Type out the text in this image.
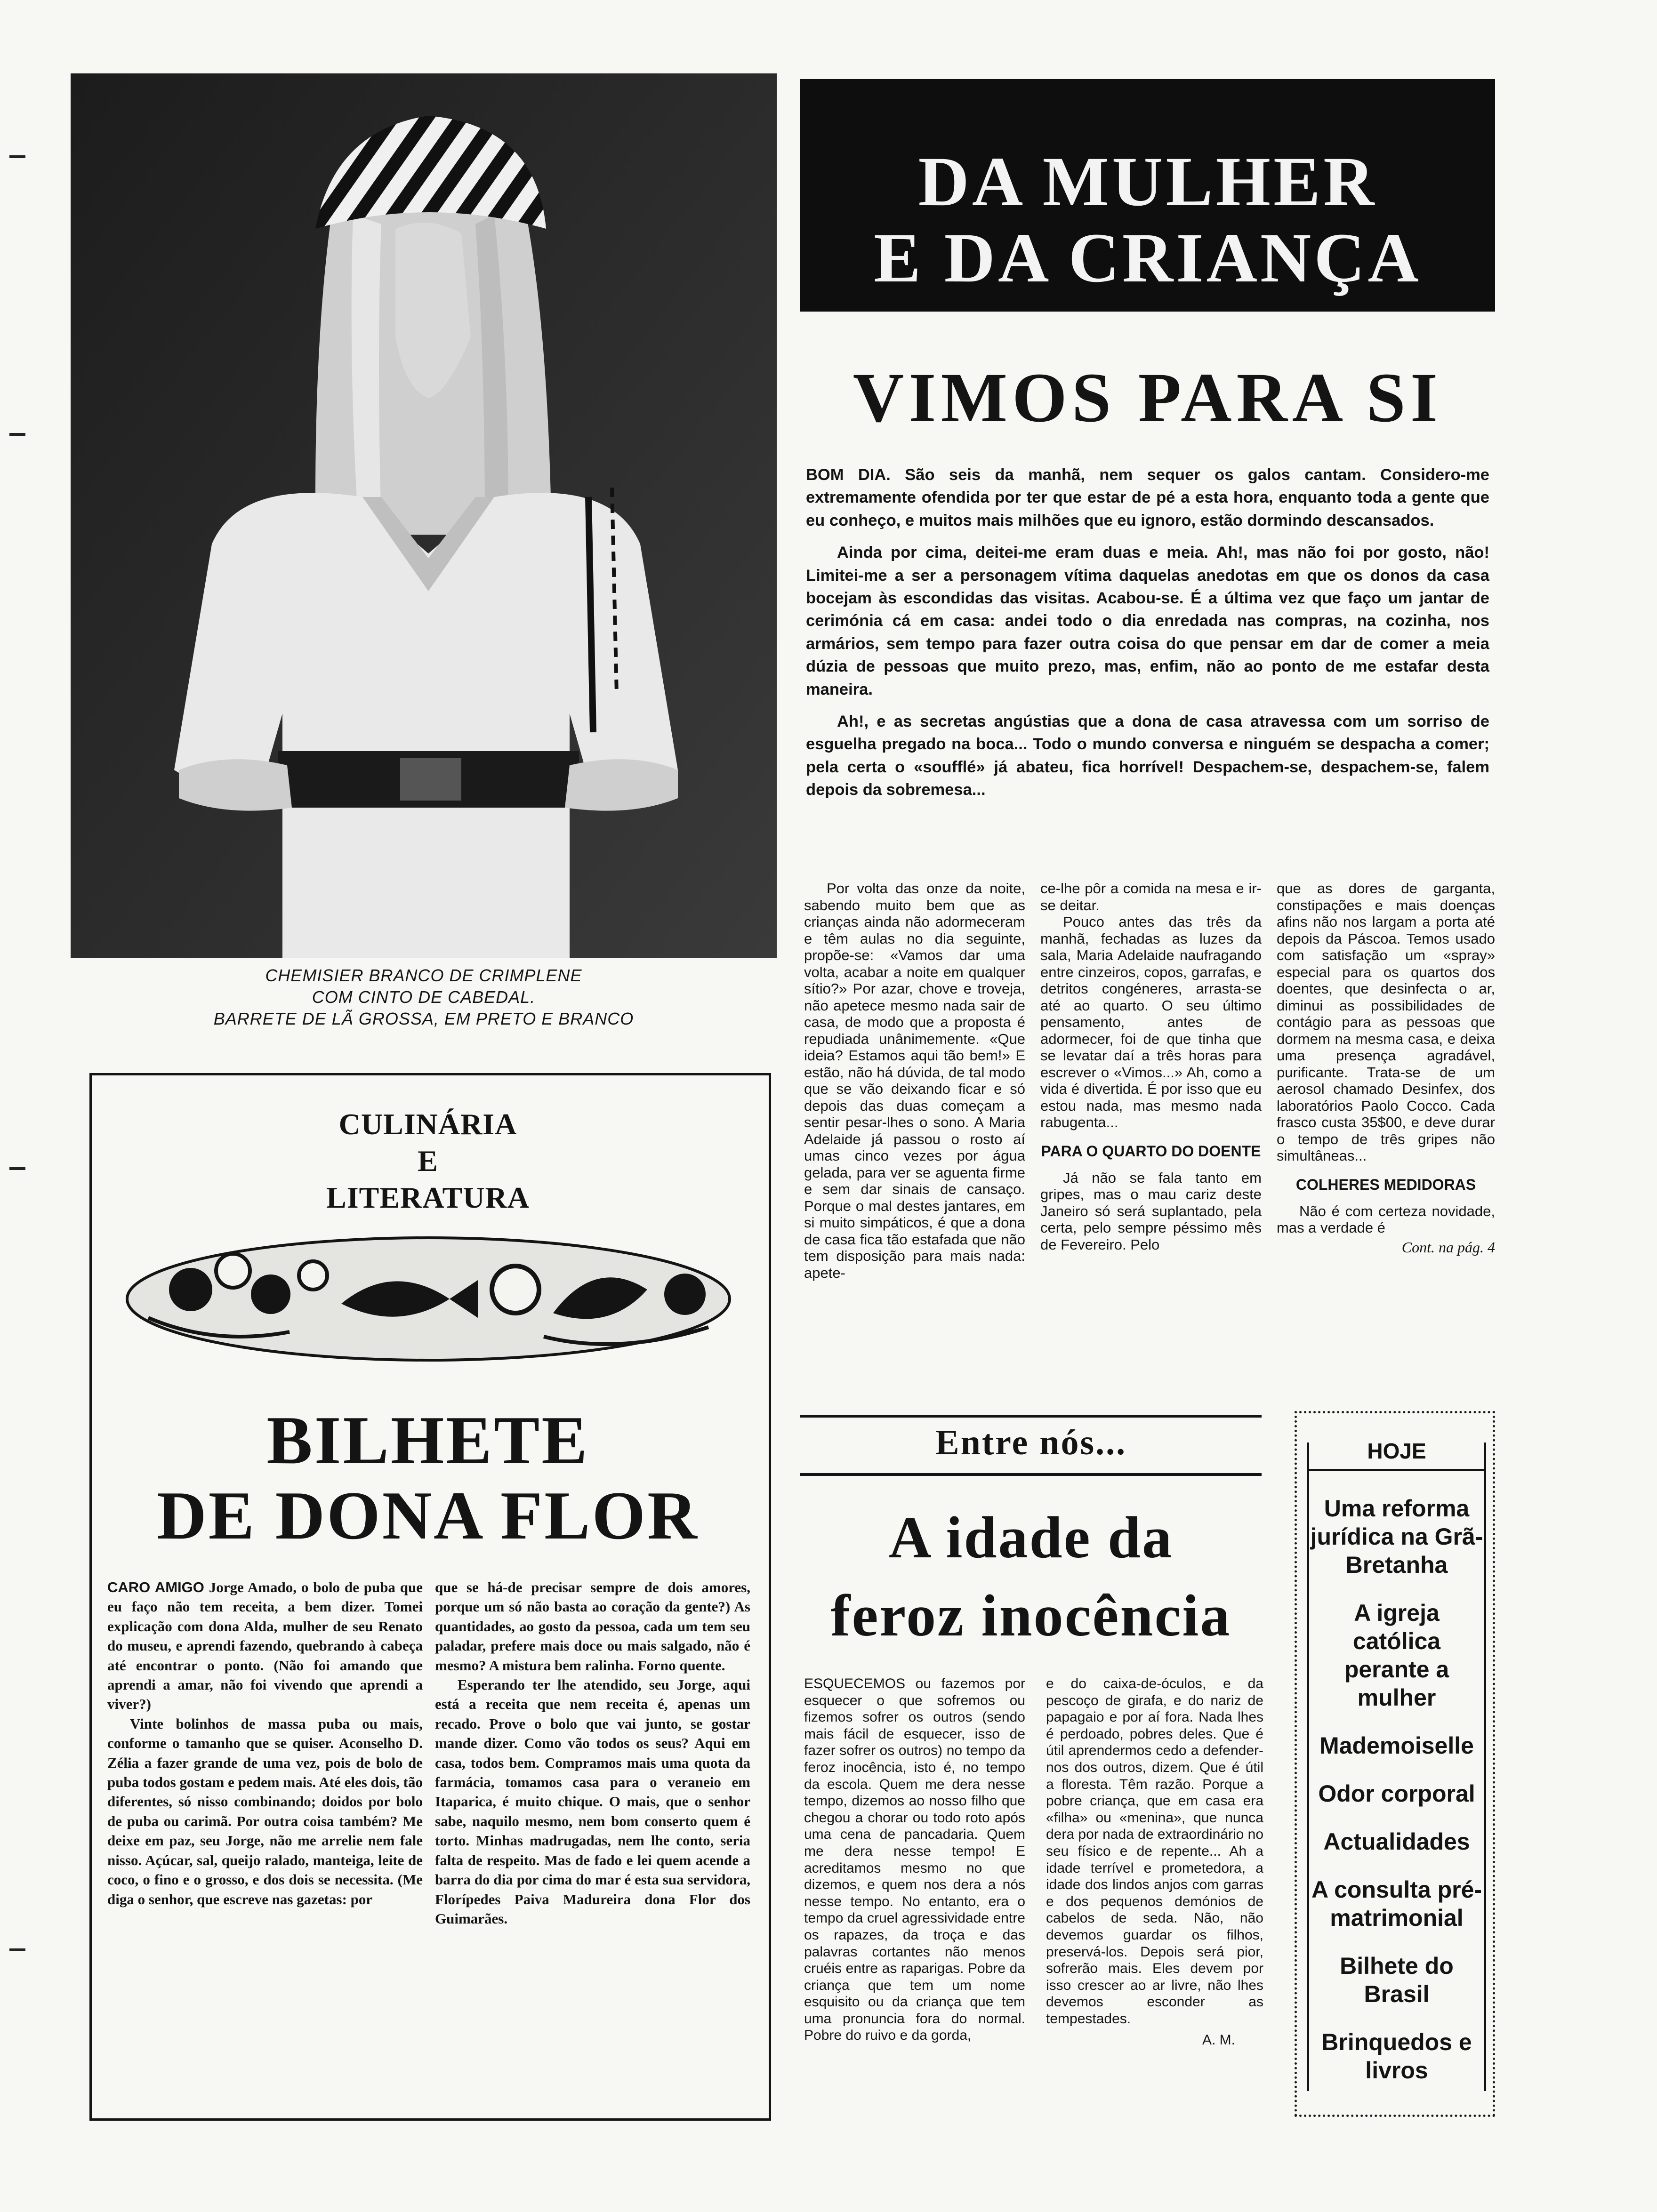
CHEMISIER BRANCO DE CRIMPLENE
COM CINTO DE CABEDAL.
BARRETE DE LÃ GROSSA, EM PRETO E BRANCO
DA MULHER
E DA CRIANÇA
VIMOS PARA SI

BOM DIA. São seis da manhã, nem sequer os galos cantam. Considero-me extremamente ofendida por ter que estar de pé a esta hora, enquanto toda a gente que eu conheço, e muitos mais milhões que eu ignoro, estão dormindo descansados.

Ainda por cima, deitei-me eram duas e meia. Ah!, mas não foi por gosto, não! Limitei-me a ser a personagem vítima daquelas anedotas em que os donos da casa bocejam às escondidas das visitas. Acabou-se. É a última vez que faço um jantar de cerimónia cá em casa: andei todo o dia enredada nas compras, na cozinha, nos armários, sem tempo para fazer outra coisa do que pensar em dar de comer a meia dúzia de pessoas que muito prezo, mas, enfim, não ao ponto de me estafar desta maneira.

Ah!, e as secretas angústias que a dona de casa atravessa com um sorriso de esguelha pregado na boca... Todo o mundo conversa e ninguém se despacha a comer; pela certa o «soufflé» já abateu, fica horrível! Despachem-se, despachem-se, falem depois da sobremesa...

Por volta das onze da noite, sabendo muito bem que as crianças ainda não adormeceram e têm aulas no dia seguinte, propõe-se: «Vamos dar uma volta, acabar a noite em qualquer sítio?» Por azar, chove e troveja, não apetece mesmo nada sair de casa, de modo que a proposta é repudiada unânimemente. «Que ideia? Estamos aqui tão bem!» E estão, não há dúvida, de tal modo que se vão deixando ficar e só depois das duas começam a sentir pesar-lhes o sono. A Maria Adelaide já passou o rosto aí umas cinco vezes por água gelada, para ver se aguenta firme e sem dar sinais de cansaço. Porque o mal destes jantares, em si muito simpáticos, é que a dona de casa fica tão estafada que não tem disposição para mais nada: apete-

ce-lhe pôr a comida na mesa e ir-se deitar.

Pouco antes das três da manhã, fechadas as luzes da sala, Maria Adelaide naufragando entre cinzeiros, copos, garrafas, e detritos congéneres, arrasta-se até ao quarto. O seu último pensamento, antes de adormecer, foi de que tinha que se levatar daí a três horas para escrever o «Vimos...» Ah, como a vida é divertida. É por isso que eu estou nada, mas mesmo nada rabugenta...

PARA O QUARTO DO DOENTE

Já não se fala tanto em gripes, mas o mau cariz deste Janeiro só será suplantado, pela certa, pelo sempre péssimo mês de Fevereiro. Pelo

que as dores de garganta, constipações e mais doenças afins não nos largam a porta até depois da Páscoa. Temos usado com satisfação um «spray» especial para os quartos dos doentes, que desinfecta o ar, diminui as possibilidades de contágio para as pessoas que dormem na mesma casa, e deixa uma presença agradável, purificante. Trata-se de um aerosol chamado Desinfex, dos laboratórios Paolo Cocco. Cada frasco custa 35$00, e deve durar o tempo de três gripes não simultâneas...

COLHERES MEDIDORAS

Não é com certeza novidade, mas a verdade é

Cont. na pág. 4

CULINÁRIA
E
LITERATURA
BILHETE
DE DONA FLOR

CARO AMIGO Jorge Amado, o bolo de puba que eu faço não tem receita, a bem dizer. Tomei explicação com dona Alda, mulher de seu Renato do museu, e aprendi fazendo, quebrando à cabeça até encontrar o ponto. (Não foi amando que aprendi a amar, não foi vivendo que aprendi a viver?)

Vinte bolinhos de massa puba ou mais, conforme o tamanho que se quiser. Aconselho D. Zélia a fazer grande de uma vez, pois de bolo de puba todos gostam e pedem mais. Até eles dois, tão diferentes, só nisso combinando; doidos por bolo de puba ou carimã. Por outra coisa também? Me deixe em paz, seu Jorge, não me arrelie nem fale nisso. Açúcar, sal, queijo ralado, manteiga, leite de coco, o fino e o grosso, e dos dois se necessita. (Me diga o senhor, que escreve nas gazetas: por

que se há-de precisar sempre de dois amores, porque um só não basta ao coração da gente?) As quantidades, ao gosto da pessoa, cada um tem seu paladar, prefere mais doce ou mais salgado, não é mesmo? A mistura bem ralinha. Forno quente.

Esperando ter lhe atendido, seu Jorge, aqui está a receita que nem receita é, apenas um recado. Prove o bolo que vai junto, se gostar mande dizer. Como vão todos os seus? Aqui em casa, todos bem. Compramos mais uma quota da farmácia, tomamos casa para o veraneio em Itaparica, é muito chique. O mais, que o senhor sabe, naquilo mesmo, nem bom conserto quem é torto. Minhas madrugadas, nem lhe conto, seria falta de respeito. Mas de fado e lei quem acende a barra do dia por cima do mar é esta sua servidora, Florípedes Paiva Madureira dona Flor dos Guimarães.

Entre nós...
A idade da
feroz inocência

ESQUECEMOS ou fazemos por esquecer o que sofremos ou fizemos sofrer os outros (sendo mais fácil de esquecer, isso de fazer sofrer os outros) no tempo da feroz inocência, isto é, no tempo da escola. Quem me dera nesse tempo, dizemos ao nosso filho que chegou a chorar ou todo roto após uma cena de pancadaria. Quem me dera nesse tempo! E acreditamos mesmo no que dizemos, e quem nos dera a nós nesse tempo. No entanto, era o tempo da cruel agressividade entre os rapazes, da troça e das palavras cortantes não menos cruéis entre as raparigas. Pobre da criança que tem um nome esquisito ou da criança que tem uma pronuncia fora do normal. Pobre do ruivo e da gorda,

e do caixa-de-óculos, e da pescoço de girafa, e do nariz de papagaio e por aí fora. Nada lhes é perdoado, pobres deles. Que é útil aprendermos cedo a defender-nos dos outros, dizem. Que é útil a floresta. Têm razão. Porque a pobre criança, que em casa era «filha» ou «menina», que nunca dera por nada de extraordinário no seu físico e de repente... Ah a idade terrível e prometedora, a idade dos lindos anjos com garras e dos pequenos demónios de cabelos de seda. Não, não devemos guardar os filhos, preservá-los. Depois será pior, sofrerão mais. Eles devem por isso crescer ao ar livre, não lhes devemos esconder as tempestades.

A. M.

HOJE
Uma reforma jurídica na Grã-Bretanha
A igreja católica perante a mulher
Mademoiselle
Odor corporal
Actualidades
A consulta pré-matrimonial
Bilhete do Brasil
Brinquedos e livros
